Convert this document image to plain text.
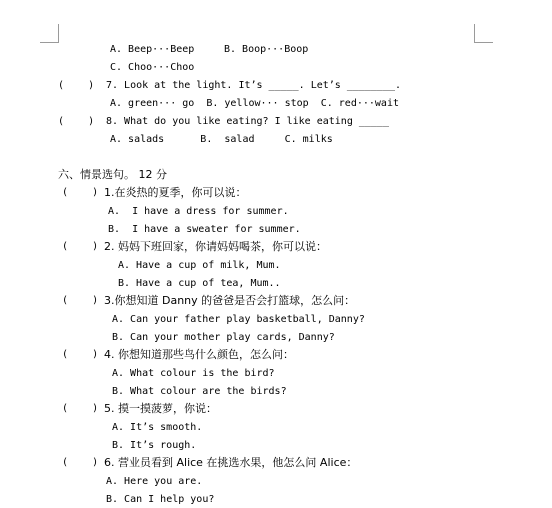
A. Beep···Beep	B. Boop···Boop
C. Choo···Choo
(    ) 7. Look at the light. It’s _____. Let’s ________.
A. green··· go  B. yellow··· stop  C. red···wait
(    ) 8. What do you like eating? I like eating _____
A. salads      B.  salad     C. milks
六、情景选句。 12 分
(    ) 1.在炎热的夏季，你可以说：
A.  I have a dress for summer.
B.  I have a sweater for summer.
(    ) 2. 妈妈下班回家，你请妈妈喝茶，你可以说：
A. Have a cup of milk, Mum.
B. Have a cup of tea, Mum..
(    ) 3.你想知道 Danny 的爸爸是否会打篮球，怎么问：
A. Can your father play basketball, Danny?
B. Can your mother play cards, Danny?
(    ) 4. 你想知道那些鸟什么颜色，怎么问：
A. What colour is the bird?
B. What colour are the birds?
(    ) 5. 摸一摸菠萝，你说：
A. It’s smooth.
B. It’s rough.
(    ) 6. 营业员看到 Alice 在挑选水果，他怎么问 Alice：
A. Here you are.
B. Can I help you?
